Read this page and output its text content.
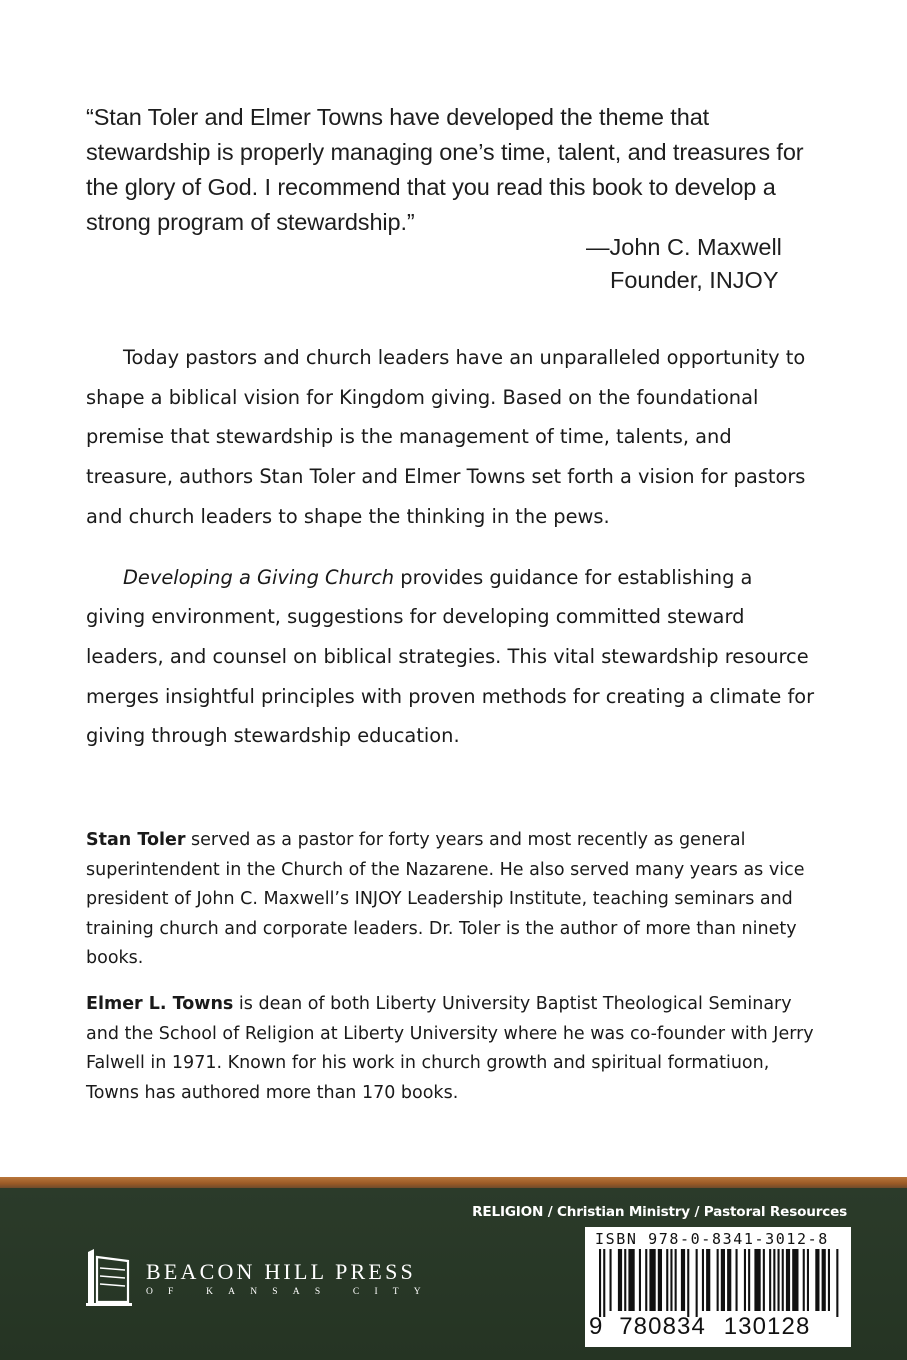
“Stan Toler and Elmer Towns have developed the theme that stewardship is properly managing one’s time, talent, and treasures for the glory of God. I recommend that you read this book to develop a strong program of stewardship.”

—John C. Maxwell
Founder, INJOY

Today pastors and church leaders have an unparalleled opportunity to shape a biblical vision for Kingdom giving. Based on the foundational premise that stewardship is the management of time, talents, and treasure, authors Stan Toler and Elmer Towns set forth a vision for pastors and church leaders to shape the thinking in the pews.

Developing a Giving Church provides guidance for establishing a giving environment, suggestions for developing committed steward leaders, and counsel on biblical strategies. This vital stewardship resource merges insightful principles with proven methods for creating a climate for giving through stewardship education.

Stan Toler served as a pastor for forty years and most recently as general superintendent in the Church of the Nazarene. He also served many years as vice president of John C. Maxwell’s INJOY Leadership Institute, teaching seminars and training church and corporate leaders. Dr. Toler is the author of more than ninety books.

Elmer L. Towns is dean of both Liberty University Baptist Theological Seminary and the School of Religion at Liberty University where he was co-founder with Jerry Falwell in 1971. Known for his work in church growth and spiritual formatiuon, Towns has authored more than 170 books.

RELIGION / Christian Ministry / Pastoral Resources
BEACON HILL PRESS
OF KANSAS CITY
ISBN 978-0-8341-3012-8
9 780834 130128
